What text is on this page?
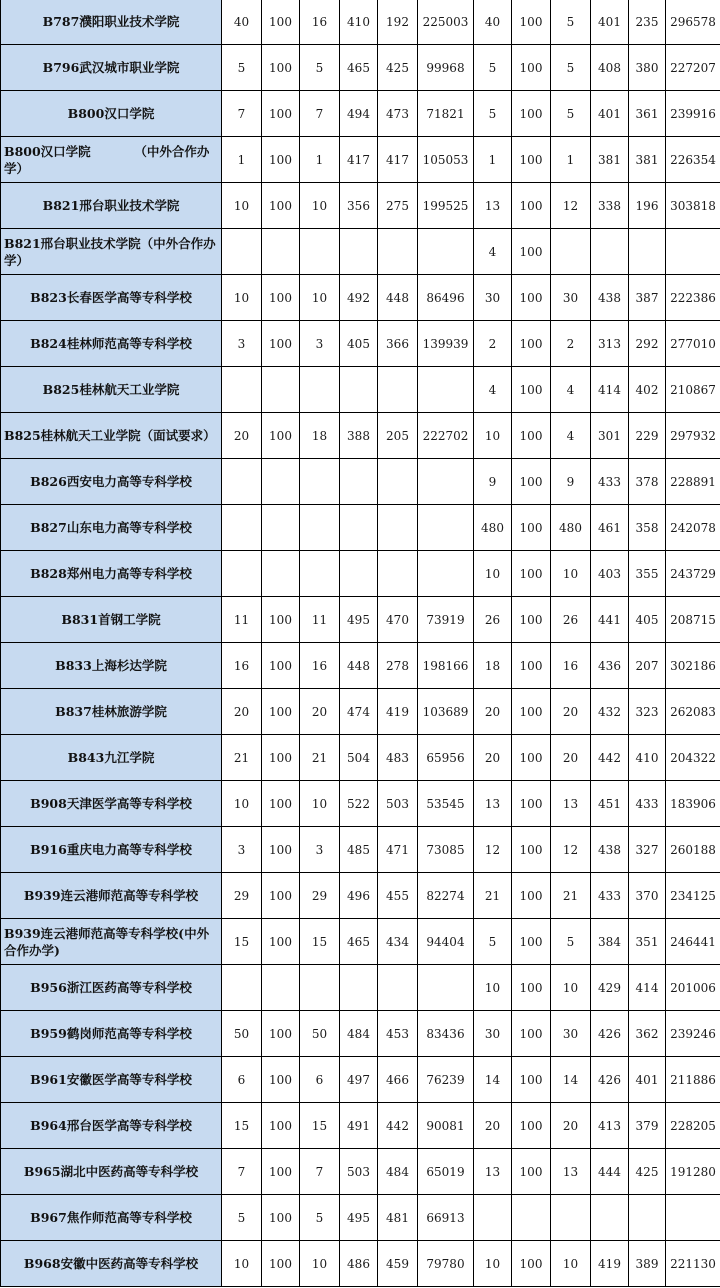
B787濮阳职业技术学院	40	100	16	410	192	225003	40	100	5	401	235	296578
B796武汉城市职业学院	5	100	5	465	425	99968	5	100	5	408	380	227207
B800汉口学院	7	100	7	494	473	71821	5	100	5	401	361	239916
B800汉口学院　　　　（中外合作办学）	1	100	1	417	417	105053	1	100	1	381	381	226354
B821邢台职业技术学院	10	100	10	356	275	199525	13	100	12	338	196	303818
B821邢台职业技术学院（中外合作办学）							4	100				
B823长春医学高等专科学校	10	100	10	492	448	86496	30	100	30	438	387	222386
B824桂林师范高等专科学校	3	100	3	405	366	139939	2	100	2	313	292	277010
B825桂林航天工业学院							4	100	4	414	402	210867
B825桂林航天工业学院（面试要求）	20	100	18	388	205	222702	10	100	4	301	229	297932
B826西安电力高等专科学校							9	100	9	433	378	228891
B827山东电力高等专科学校							480	100	480	461	358	242078
B828郑州电力高等专科学校							10	100	10	403	355	243729
B831首钢工学院	11	100	11	495	470	73919	26	100	26	441	405	208715
B833上海杉达学院	16	100	16	448	278	198166	18	100	16	436	207	302186
B837桂林旅游学院	20	100	20	474	419	103689	20	100	20	432	323	262083
B843九江学院	21	100	21	504	483	65956	20	100	20	442	410	204322
B908天津医学高等专科学校	10	100	10	522	503	53545	13	100	13	451	433	183906
B916重庆电力高等专科学校	3	100	3	485	471	73085	12	100	12	438	327	260188
B939连云港师范高等专科学校	29	100	29	496	455	82274	21	100	21	433	370	234125
B939连云港师范高等专科学校(中外合作办学)	15	100	15	465	434	94404	5	100	5	384	351	246441
B956浙江医药高等专科学校							10	100	10	429	414	201006
B959鹤岗师范高等专科学校	50	100	50	484	453	83436	30	100	30	426	362	239246
B961安徽医学高等专科学校	6	100	6	497	466	76239	14	100	14	426	401	211886
B964邢台医学高等专科学校	15	100	15	491	442	90081	20	100	20	413	379	228205
B965湖北中医药高等专科学校	7	100	7	503	484	65019	13	100	13	444	425	191280
B967焦作师范高等专科学校	5	100	5	495	481	66913						
B968安徽中医药高等专科学校	10	100	10	486	459	79780	10	100	10	419	389	221130
